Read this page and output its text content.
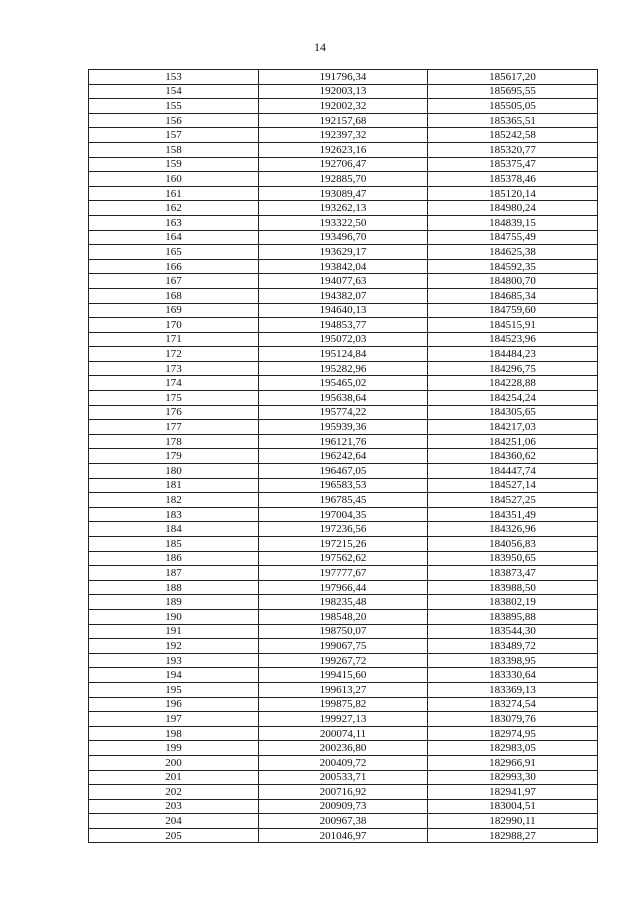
14
153	191796,34	185617,20
154	192003,13	185695,55
155	192002,32	185505,05
156	192157,68	185365,51
157	192397,32	185242,58
158	192623,16	185320,77
159	192706,47	185375,47
160	192885,70	185378,46
161	193089,47	185120,14
162	193262,13	184980,24
163	193322,50	184839,15
164	193496,70	184755,49
165	193629,17	184625,38
166	193842,04	184592,35
167	194077,63	184800,70
168	194382,07	184685,34
169	194640,13	184759,60
170	194853,77	184515,91
171	195072,03	184523,96
172	195124,84	184484,23
173	195282,96	184296,75
174	195465,02	184228,88
175	195638,64	184254,24
176	195774,22	184305,65
177	195939,36	184217,03
178	196121,76	184251,06
179	196242,64	184360,62
180	196467,05	184447,74
181	196583,53	184527,14
182	196785,45	184527,25
183	197004,35	184351,49
184	197236,56	184326,96
185	197215,26	184056,83
186	197562,62	183950,65
187	197777,67	183873,47
188	197966,44	183988,50
189	198235,48	183802,19
190	198548,20	183895,88
191	198750,07	183544,30
192	199067,75	183489,72
193	199267,72	183398,95
194	199415,60	183330,64
195	199613,27	183369,13
196	199875,82	183274,54
197	199927,13	183079,76
198	200074,11	182974,95
199	200236,80	182983,05
200	200409,72	182966,91
201	200533,71	182993,30
202	200716,92	182941,97
203	200909,73	183004,51
204	200967,38	182990,11
205	201046,97	182988,27
